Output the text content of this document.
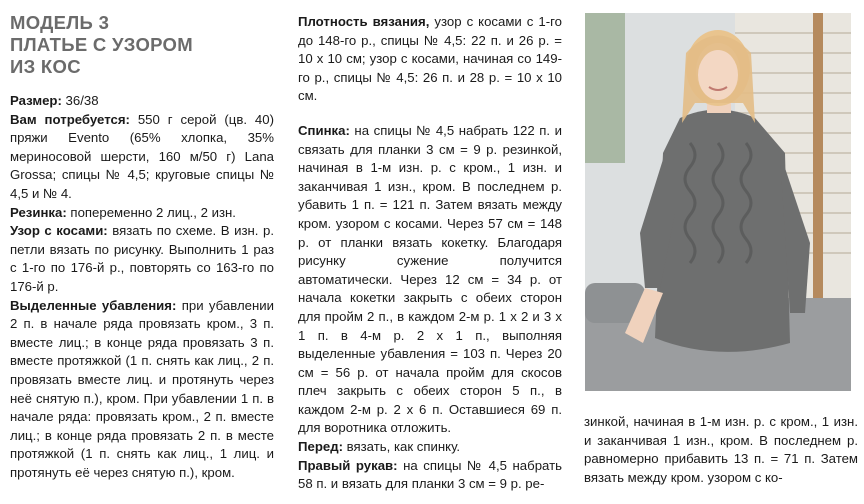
МОДЕЛЬ 3
ПЛАТЬЕ С УЗОРОМ
ИЗ КОС

Размер: 36/38

Вам потребуется: 550 г серой (цв. 40) пряжи Evento (65% хлопка, 35% мериносовой шерсти, 160 м/50 г) Lana Grossa; спицы № 4,5; круговые спицы № 4,5 и № 4.

Резинка: попеременно 2 лиц., 2 изн.

Узор с косами: вязать по схеме. В изн. р. петли вязать по рисунку. Выполнить 1 раз с 1-го по 176-й р., повторять со 163-го по 176-й р.

Выделенные убавления: при убавлении 2 п. в начале ряда провязать кром., 3 п. вместе лиц.; в конце ряда провязать 3 п. вместе протяжкой (1 п. снять как лиц., 2 п. провязать вместе лиц. и протянуть через неё снятую п.), кром. При убавлении 1 п. в начале ряда: провязать кром., 2 п. вместе лиц.; в конце ряда провязать 2 п. в месте протяжкой (1 п. снять как лиц., 1 лиц. и протянуть её через снятую п.), кром.

Плотность вязания, узор с косами с 1-го до 148-го р., спицы № 4,5: 22 п. и 26 р. = 10 х 10 см; узор с косами, начиная со 149-го р., спицы № 4,5: 26 п. и 28 р. = 10 х 10 см.

Спинка: на спицы № 4,5 набрать 122 п. и связать для планки 3 см = 9 р. резинкой, начиная в 1-м изн. р. с кром., 1 изн. и заканчивая 1 изн., кром. В последнем р. убавить 1 п. = 121 п. Затем вязать между кром. узором с косами. Через 57 см = 148 р. от планки вязать кокетку. Благодаря рисунку сужение получится автоматически. Через 12 см = 34 р. от начала кокетки закрыть с обеих сторон для пройм 2 п., в каждом 2-м р. 1 х 2 и 3 х 1 п. в 4-м р. 2 х 1 п., выполняя выделенные убавления = 103 п. Через 20 см = 56 р. от начала пройм для скосов плеч закрыть с обеих сторон 5 п., в каждом 2-м р. 2 х 6 п. Оставшиеся 69 п. для воротника отложить.

Перед: вязать, как спинку.

Правый рукав: на спицы № 4,5 набрать 58 п. и вязать для планки 3 см = 9 р. ре-

зинкой, начиная в 1-м изн. р. с кром., 1 изн. и заканчивая 1 изн., кром. В последнем р. равномерно прибавить 13 п. = 71 п. Затем вязать между кром. узором с ко-
